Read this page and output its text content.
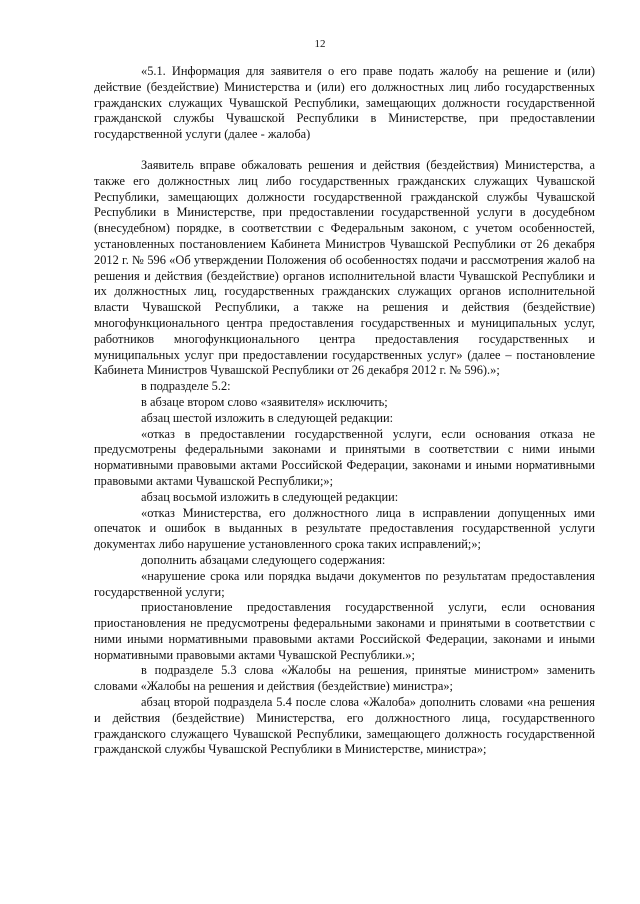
12

«5.1. Информация для заявителя о его праве подать жалобу на решение и (или) действие (бездействие) Министерства и (или) его должностных лиц либо государственных гражданских служащих Чувашской Республики, замещающих должности государственной гражданской службы Чувашской Республики в Министерстве, при предоставлении государственной услуги (далее - жалоба)

Заявитель вправе обжаловать решения и действия (бездействия) Министерства, а также его должностных лиц либо государственных гражданских служащих Чувашской Республики, замещающих должности государственной гражданской службы Чувашской Республики в Министерстве, при предоставлении государственной услуги в досудебном (внесудебном) порядке, в соответствии с Федеральным законом, с учетом особенностей, установленных постановлением Кабинета Министров Чувашской Республики от 26 декабря 2012 г. № 596 «Об утверждении Положения об особенностях подачи и рассмотрения жалоб на решения и действия (бездействие) органов исполнительной власти Чувашской Республики и их должностных лиц, государственных гражданских служащих органов исполнительной власти Чувашской Республики, а также на решения и действия (бездействие) многофункционального центра предоставления государственных и муниципальных услуг, работников многофункционального центра предоставления государственных и муниципальных услуг при предоставлении государственных услуг» (далее – постановление Кабинета Министров Чувашской Республики от 26 декабря 2012 г. № 596).»;

в подразделе 5.2:

в абзаце втором слово «заявителя» исключить;

абзац шестой изложить в следующей редакции:

«отказ в предоставлении государственной услуги, если основания отказа не предусмотрены федеральными законами и принятыми в соответствии с ними иными нормативными правовыми актами Российской Федерации, законами и иными нормативными правовыми актами Чувашской Республики;»;

абзац восьмой изложить в следующей редакции:

«отказ Министерства, его должностного лица в исправлении допущенных ими опечаток и ошибок в выданных в результате предоставления государственной услуги документах либо нарушение установленного срока таких исправлений;»;

дополнить абзацами следующего содержания:

«нарушение срока или порядка выдачи документов по результатам предоставления государственной услуги;

приостановление предоставления государственной услуги, если основания приостановления не предусмотрены федеральными законами и принятыми в соответствии с ними иными нормативными правовыми актами Российской Федерации, законами и иными нормативными правовыми актами Чувашской Республики.»;

в подразделе 5.3 слова «Жалобы на решения, принятые министром» заменить словами «Жалобы на решения и действия (бездействие) министра»;

абзац второй подраздела 5.4 после слова «Жалоба» дополнить словами «на решения и действия (бездействие) Министерства, его должностного лица, государственного гражданского служащего Чувашской Республики, замещающего должность государственной гражданской службы Чувашской Республики в Министерстве, министра»;
